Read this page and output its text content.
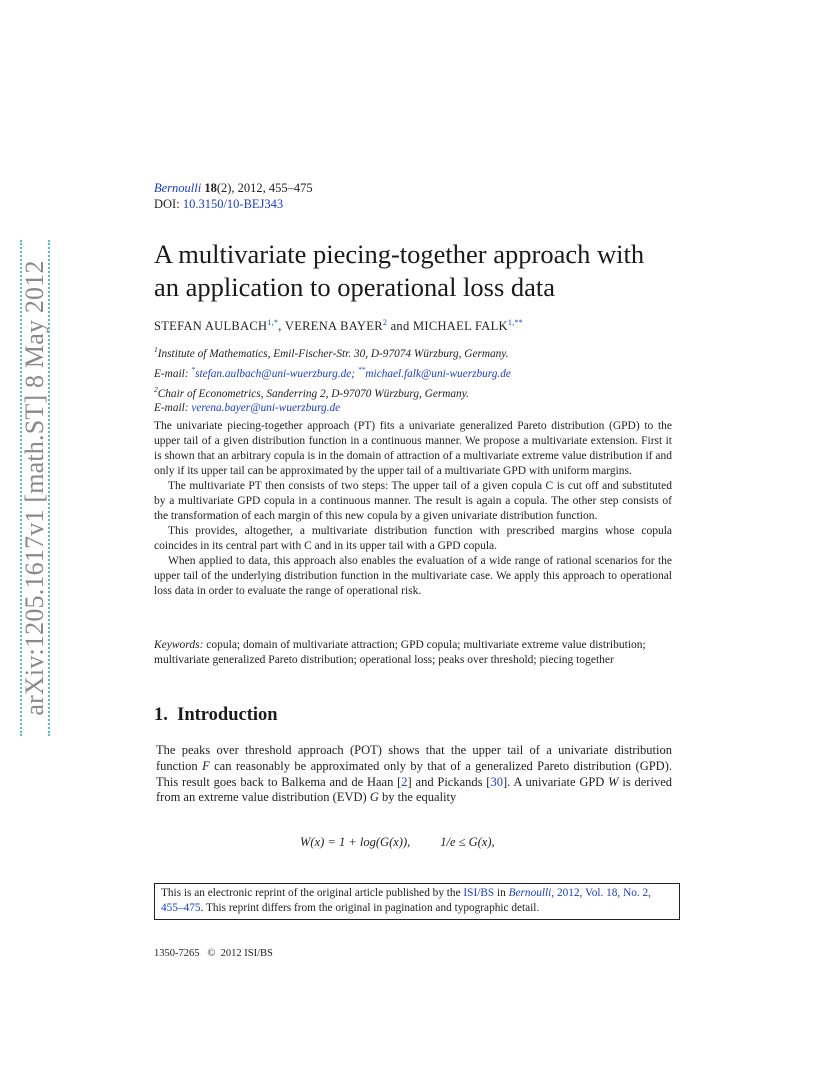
arXiv:1205.1617v1 [math.ST] 8 May 2012
Bernoulli 18(2), 2012, 455–475
DOI: 10.3150/10-BEJ343
A multivariate piecing-together approach with
an application to operational loss data
STEFAN $AULBACH^{1,*}$, VERENA BAYER$^2$ and MICHAEL $FALK^{1,**}$
$^1$Institute of Mathematics, Emil-Fischer-Str. 30, D-97074 Würzburg, Germany.
E-mail: *stefan.aulbach@uni-wuerzburg.de; **michael.falk@uni-wuerzburg.de
$^2$Chair of Econometrics, Sanderring 2, D-97070 Würzburg, Germany.
E-mail: verena.bayer@uni-wuerzburg.de

The univariate piecing-together approach (PT) fits a univariate generalized Pareto distribution (GPD) to the upper tail of a given distribution function in a continuous manner. We propose a multivariate extension. First it is shown that an arbitrary copula is in the domain of attraction of a multivariate extreme value distribution if and only if its upper tail can be approximated by the upper tail of a multivariate GPD with uniform margins.

The multivariate PT then consists of two steps: The upper tail of a given copula C is cut off and substituted by a multivariate GPD copula in a continuous manner. The result is again a copula. The other step consists of the transformation of each margin of this new copula by a given univariate distribution function.

This provides, altogether, a multivariate distribution function with prescribed margins whose copula coincides in its central part with C and in its upper tail with a GPD copula.

When applied to data, this approach also enables the evaluation of a wide range of rational scenarios for the upper tail of the underlying distribution function in the multivariate case. We apply this approach to operational loss data in order to evaluate the range of operational risk.

Keywords: copula; domain of multivariate attraction; GPD copula; multivariate extreme value distribution; multivariate generalized Pareto distribution; operational loss; peaks over threshold; piecing together
1. Introduction
The peaks over threshold approach (POT) shows that the upper tail of a univariate distribution function F can reasonably be approximated only by that of a generalized Pareto distribution (GPD). This result goes back to Balkema and de Haan [2] and Pickands [30]. A univariate GPD W is derived from an extreme value distribution (EVD) G by the equality
W(x) = 1 + log(G(x)), 1/e ≤ G(x),
This is an electronic reprint of the original article published by the ISI/BS in Bernoulli, 2012, Vol. 18, No. 2, 455–475. This reprint differs from the original in pagination and typographic detail.
1350-7265 © 2012 ISI/BS
